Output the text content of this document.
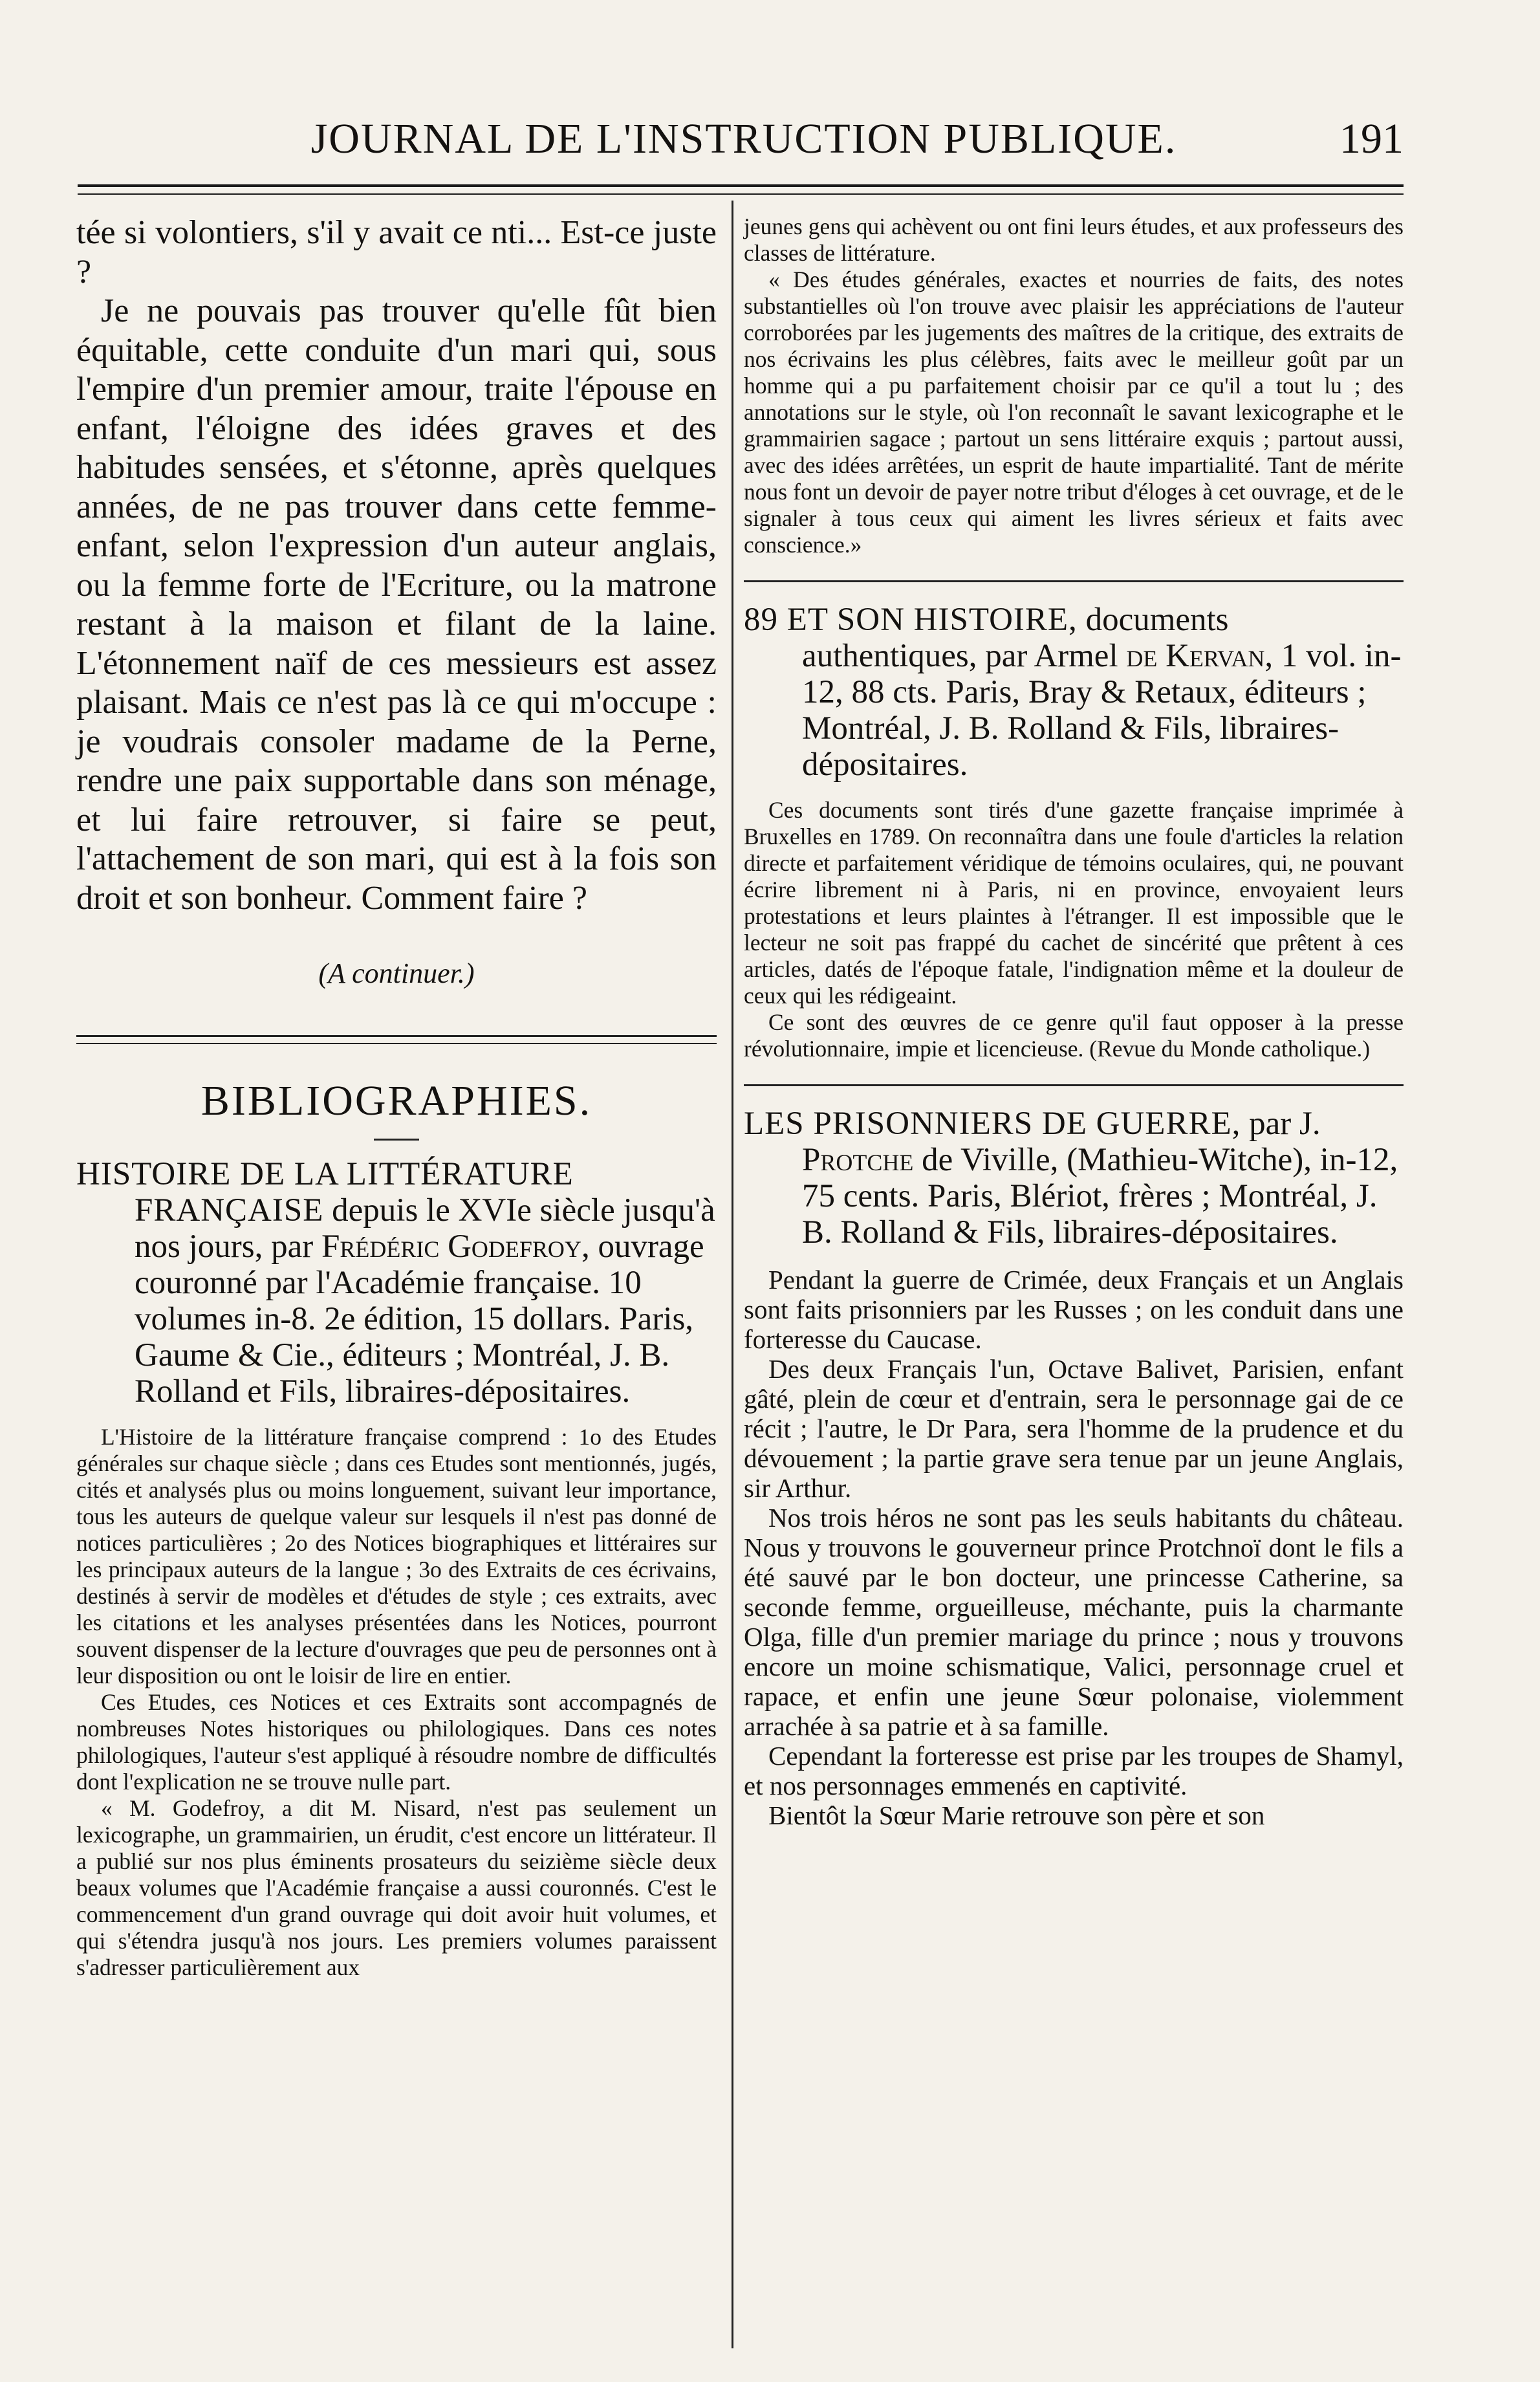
JOURNAL DE L'INSTRUCTION PUBLIQUE.	191

tée si volontiers, s'il y avait ce nti... Est-ce juste ?

Je ne pouvais pas trouver qu'elle fût bien équitable, cette conduite d'un mari qui, sous l'empire d'un premier amour, traite l'épouse en enfant, l'éloigne des idées graves et des habitudes sensées, et s'étonne, après quelques années, de ne pas trouver dans cette femme-enfant, selon l'expression d'un auteur anglais, ou la femme forte de l'Ecriture, ou la matrone restant à la maison et filant de la laine. L'étonnement naïf de ces messieurs est assez plaisant. Mais ce n'est pas là ce qui m'occupe : je voudrais consoler madame de la Perne, rendre une paix supportable dans son ménage, et lui faire retrouver, si faire se peut, l'attachement de son mari, qui est à la fois son droit et son bonheur. Comment faire ?

(A continuer.)

BIBLIOGRAPHIES.

HISTOIRE DE LA LITTÉRATURE FRANÇAISE depuis le XVIe siècle jusqu'à nos jours, par Frédéric Godefroy, ouvrage couronné par l'Académie française. 10 volumes in-8. 2e édition, 15 dollars. Paris, Gaume & Cie., éditeurs ; Montréal, J. B. Rolland et Fils, libraires-dépositaires.

L'Histoire de la littérature française comprend : 1o des Etudes générales sur chaque siècle ; dans ces Etudes sont mentionnés, jugés, cités et analysés plus ou moins longuement, suivant leur importance, tous les auteurs de quelque valeur sur lesquels il n'est pas donné de notices particulières ; 2o des Notices biographiques et littéraires sur les principaux auteurs de la langue ; 3o des Extraits de ces écrivains, destinés à servir de modèles et d'études de style ; ces extraits, avec les citations et les analyses présentées dans les Notices, pourront souvent dispenser de la lecture d'ouvrages que peu de personnes ont à leur disposition ou ont le loisir de lire en entier.

Ces Etudes, ces Notices et ces Extraits sont accompagnés de nombreuses Notes historiques ou philologiques. Dans ces notes philologiques, l'auteur s'est appliqué à résoudre nombre de difficultés dont l'explication ne se trouve nulle part.

« M. Godefroy, a dit M. Nisard, n'est pas seulement un lexicographe, un grammairien, un érudit, c'est encore un littérateur. Il a publié sur nos plus éminents prosateurs du seizième siècle deux beaux volumes que l'Académie française a aussi couronnés. C'est le commencement d'un grand ouvrage qui doit avoir huit volumes, et qui s'étendra jusqu'à nos jours. Les premiers volumes paraissent s'adresser particulièrement aux

jeunes gens qui achèvent ou ont fini leurs études, et aux professeurs des classes de littérature.

« Des études générales, exactes et nourries de faits, des notes substantielles où l'on trouve avec plaisir les appréciations de l'auteur corroborées par les jugements des maîtres de la critique, des extraits de nos écrivains les plus célèbres, faits avec le meilleur goût par un homme qui a pu parfaitement choisir par ce qu'il a tout lu ; des annotations sur le style, où l'on reconnaît le savant lexicographe et le grammairien sagace ; partout un sens littéraire exquis ; partout aussi, avec des idées arrêtées, un esprit de haute impartialité. Tant de mérite nous font un devoir de payer notre tribut d'éloges à cet ouvrage, et de le signaler à tous ceux qui aiment les livres sérieux et faits avec conscience.»

89 ET SON HISTOIRE, documents authentiques, par Armel de Kervan, 1 vol. in-12, 88 cts. Paris, Bray & Retaux, éditeurs ; Montréal, J. B. Rolland & Fils, libraires-dépositaires.

Ces documents sont tirés d'une gazette française imprimée à Bruxelles en 1789. On reconnaîtra dans une foule d'articles la relation directe et parfaitement véridique de témoins oculaires, qui, ne pouvant écrire librement ni à Paris, ni en province, envoyaient leurs protestations et leurs plaintes à l'étranger. Il est impossible que le lecteur ne soit pas frappé du cachet de sincérité que prêtent à ces articles, datés de l'époque fatale, l'indignation même et la douleur de ceux qui les rédigeaint.

Ce sont des œuvres de ce genre qu'il faut opposer à la presse révolutionnaire, impie et licencieuse. (Revue du Monde catholique.)

LES PRISONNIERS DE GUERRE, par J. Protche de Viville, (Mathieu-Witche), in-12, 75 cents. Paris, Blériot, frères ; Montréal, J. B. Rolland & Fils, libraires-dépositaires.

Pendant la guerre de Crimée, deux Français et un Anglais sont faits prisonniers par les Russes ; on les conduit dans une forteresse du Caucase.

Des deux Français l'un, Octave Balivet, Parisien, enfant gâté, plein de cœur et d'entrain, sera le personnage gai de ce récit ; l'autre, le Dr Para, sera l'homme de la prudence et du dévouement ; la partie grave sera tenue par un jeune Anglais, sir Arthur.

Nos trois héros ne sont pas les seuls habitants du château. Nous y trouvons le gouverneur prince Protchnoï dont le fils a été sauvé par le bon docteur, une princesse Catherine, sa seconde femme, orgueilleuse, méchante, puis la charmante Olga, fille d'un premier mariage du prince ; nous y trouvons encore un moine schismatique, Valici, personnage cruel et rapace, et enfin une jeune Sœur polonaise, violemment arrachée à sa patrie et à sa famille.

Cependant la forteresse est prise par les troupes de Shamyl, et nos personnages emmenés en captivité.

Bientôt la Sœur Marie retrouve son père et son
